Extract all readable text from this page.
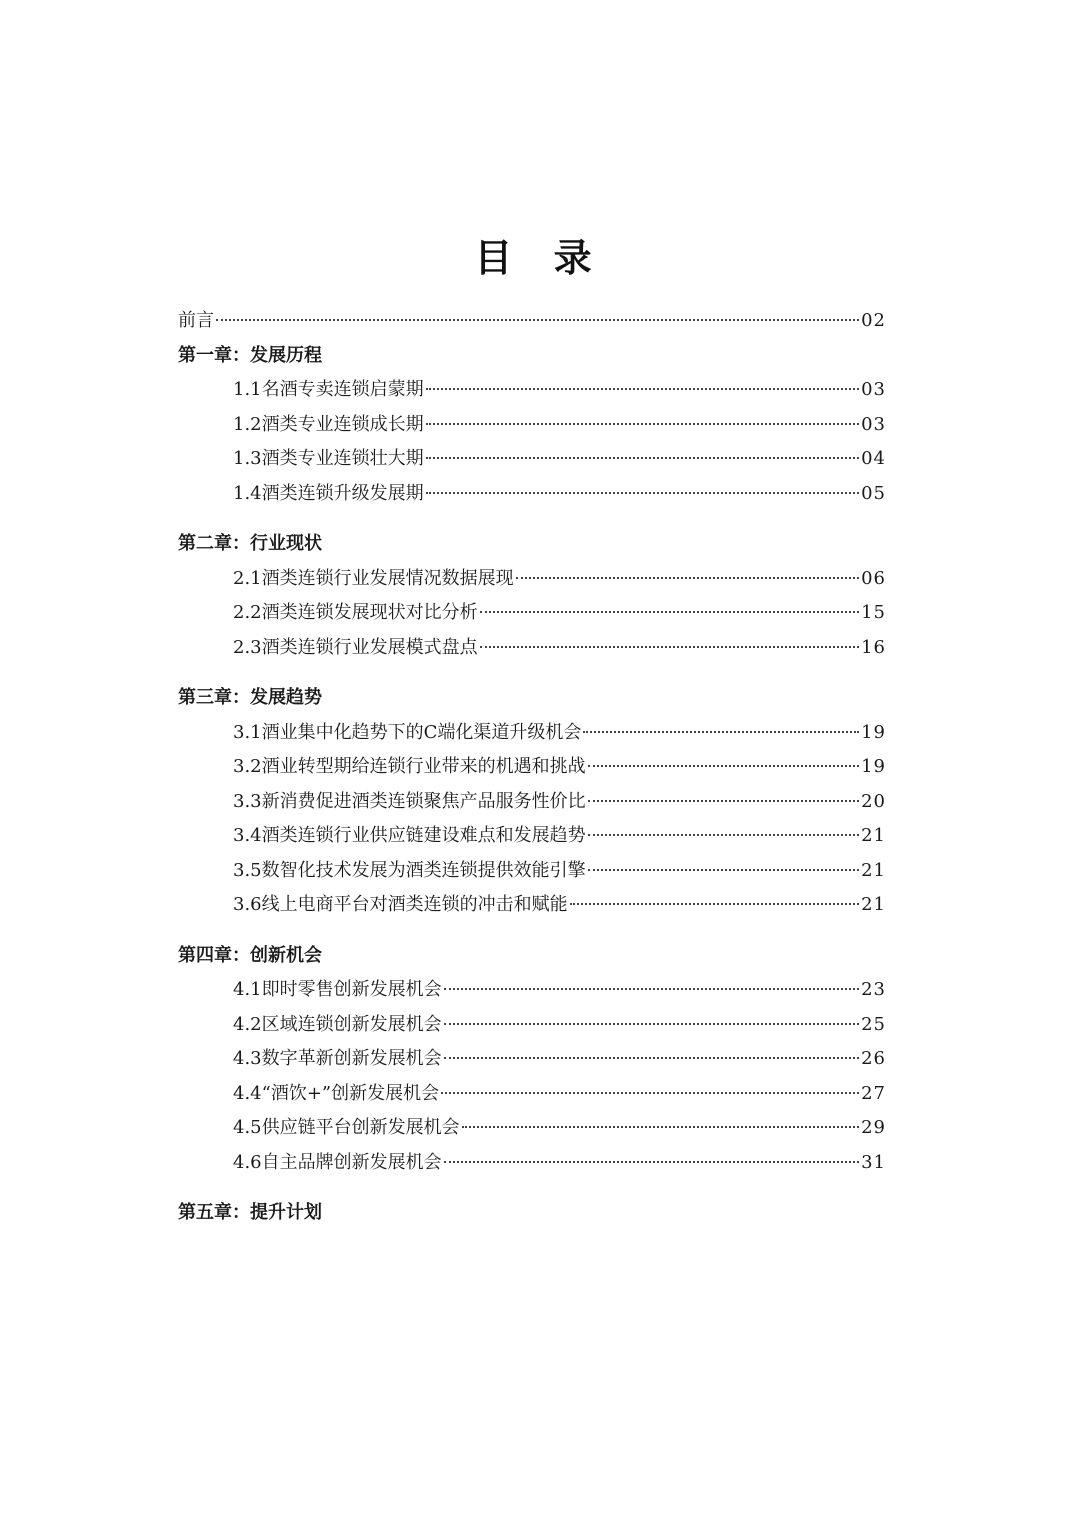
目 录
前言	02
第一章：发展历程
1.1名酒专卖连锁启蒙期	03
1.2酒类专业连锁成长期	03
1.3酒类专业连锁壮大期	04
1.4酒类连锁升级发展期	05
第二章：行业现状
2.1酒类连锁行业发展情况数据展现	06
2.2酒类连锁发展现状对比分析	15
2.3酒类连锁行业发展模式盘点	16
第三章：发展趋势
3.1酒业集中化趋势下的C端化渠道升级机会	19
3.2酒业转型期给连锁行业带来的机遇和挑战	19
3.3新消费促进酒类连锁聚焦产品服务性价比	20
3.4酒类连锁行业供应链建设难点和发展趋势	21
3.5数智化技术发展为酒类连锁提供效能引擎	21
3.6线上电商平台对酒类连锁的冲击和赋能	21
第四章：创新机会
4.1即时零售创新发展机会	23
4.2区域连锁创新发展机会	25
4.3数字革新创新发展机会	26
4.4“酒饮+”创新发展机会	27
4.5供应链平台创新发展机会	29
4.6自主品牌创新发展机会	31
第五章：提升计划
